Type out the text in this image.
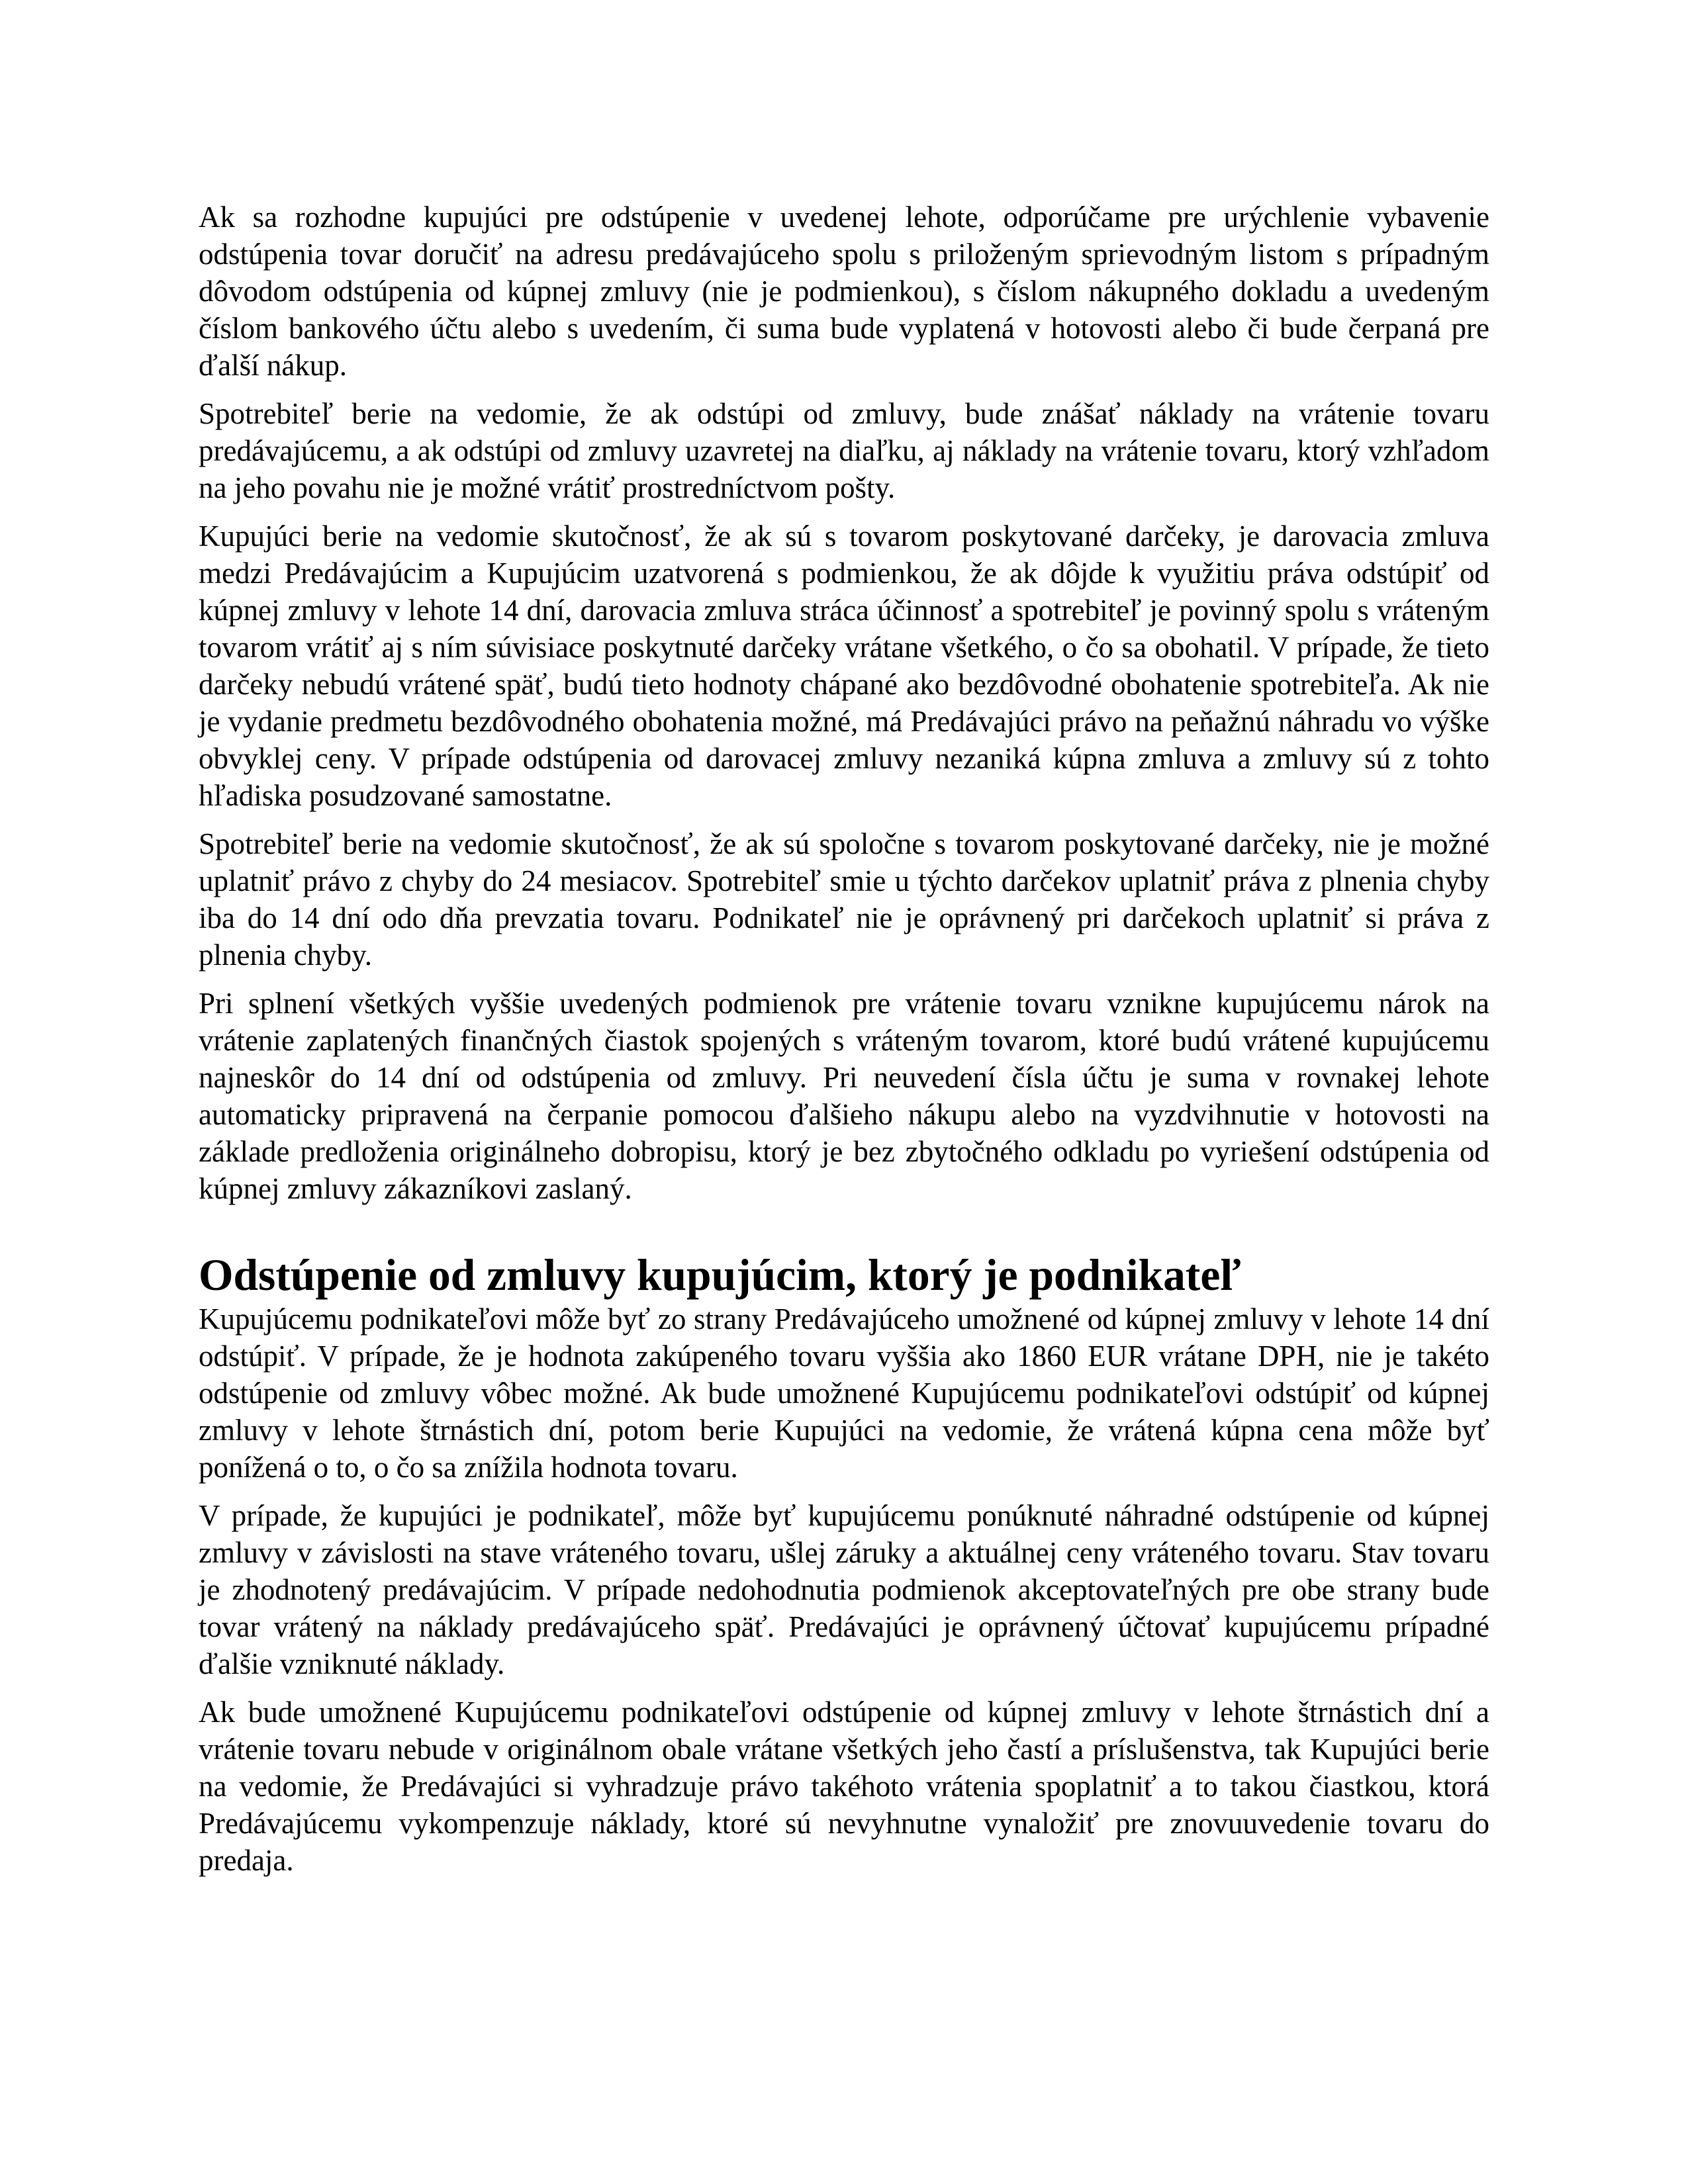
Ak sa rozhodne kupujúci pre odstúpenie v uvedenej lehote, odporúčame pre urýchlenie vybavenie odstúpenia tovar doručiť na adresu predávajúceho spolu s priloženým sprievodným listom s prípadným dôvodom odstúpenia od kúpnej zmluvy (nie je podmienkou), s číslom nákupného dokladu a uvedeným číslom bankového účtu alebo s uvedením, či suma bude vyplatená v hotovosti alebo či bude čerpaná pre ďalší nákup.

Spotrebiteľ berie na vedomie, že ak odstúpi od zmluvy, bude znášať náklady na vrátenie tovaru predávajúcemu, a ak odstúpi od zmluvy uzavretej na diaľku, aj náklady na vrátenie tovaru, ktorý vzhľadom na jeho povahu nie je možné vrátiť prostredníctvom pošty.

Kupujúci berie na vedomie skutočnosť, že ak sú s tovarom poskytované darčeky, je darovacia zmluva medzi Predávajúcim a Kupujúcim uzatvorená s podmienkou, že ak dôjde k využitiu práva odstúpiť od kúpnej zmluvy v lehote 14 dní, darovacia zmluva stráca účinnosť a spotrebiteľ je povinný spolu s vráteným tovarom vrátiť aj s ním súvisiace poskytnuté darčeky vrátane všetkého, o čo sa obohatil. V prípade, že tieto darčeky nebudú vrátené späť, budú tieto hodnoty chápané ako bezdôvodné obohatenie spotrebiteľa. Ak nie je vydanie predmetu bezdôvodného obohatenia možné, má Predávajúci právo na peňažnú náhradu vo výške obvyklej ceny. V prípade odstúpenia od darovacej zmluvy nezaniká kúpna zmluva a zmluvy sú z tohto hľadiska posudzované samostatne.

Spotrebiteľ berie na vedomie skutočnosť, že ak sú spoločne s tovarom poskytované darčeky, nie je možné uplatniť právo z chyby do 24 mesiacov. Spotrebiteľ smie u týchto darčekov uplatniť práva z plnenia chyby iba do 14 dní odo dňa prevzatia tovaru. Podnikateľ nie je oprávnený pri darčekoch uplatniť si práva z plnenia chyby.

Pri splnení všetkých vyššie uvedených podmienok pre vrátenie tovaru vznikne kupujúcemu nárok na vrátenie zaplatených finančných čiastok spojených s vráteným tovarom, ktoré budú vrátené kupujúcemu najneskôr do 14 dní od odstúpenia od zmluvy. Pri neuvedení čísla účtu je suma v rovnakej lehote automaticky pripravená na čerpanie pomocou ďalšieho nákupu alebo na vyzdvihnutie v hotovosti na základe predloženia originálneho dobropisu, ktorý je bez zbytočného odkladu po vyriešení odstúpenia od kúpnej zmluvy zákazníkovi zaslaný.

Odstúpenie od zmluvy kupujúcim, ktorý je podnikateľ

Kupujúcemu podnikateľovi môže byť zo strany Predávajúceho umožnené od kúpnej zmluvy v lehote 14 dní odstúpiť. V prípade, že je hodnota zakúpeného tovaru vyššia ako 1860 EUR vrátane DPH, nie je takéto odstúpenie od zmluvy vôbec možné. Ak bude umožnené Kupujúcemu podnikateľovi odstúpiť od kúpnej zmluvy v lehote štrnástich dní, potom berie Kupujúci na vedomie, že vrátená kúpna cena môže byť ponížená o to, o čo sa znížila hodnota tovaru.

V prípade, že kupujúci je podnikateľ, môže byť kupujúcemu ponúknuté náhradné odstúpenie od kúpnej zmluvy v závislosti na stave vráteného tovaru, ušlej záruky a aktuálnej ceny vráteného tovaru. Stav tovaru je zhodnotený predávajúcim. V prípade nedohodnutia podmienok akceptovateľných pre obe strany bude tovar vrátený na náklady predávajúceho späť. Predávajúci je oprávnený účtovať kupujúcemu prípadné ďalšie vzniknuté náklady.

Ak bude umožnené Kupujúcemu podnikateľovi odstúpenie od kúpnej zmluvy v lehote štrnástich dní a vrátenie tovaru nebude v originálnom obale vrátane všetkých jeho častí a príslušenstva, tak Kupujúci berie na vedomie, že Predávajúci si vyhradzuje právo takéhoto vrátenia spoplatniť a to takou čiastkou, ktorá Predávajúcemu vykompenzuje náklady, ktoré sú nevyhnutne vynaložiť pre znovuuvedenie tovaru do predaja.
